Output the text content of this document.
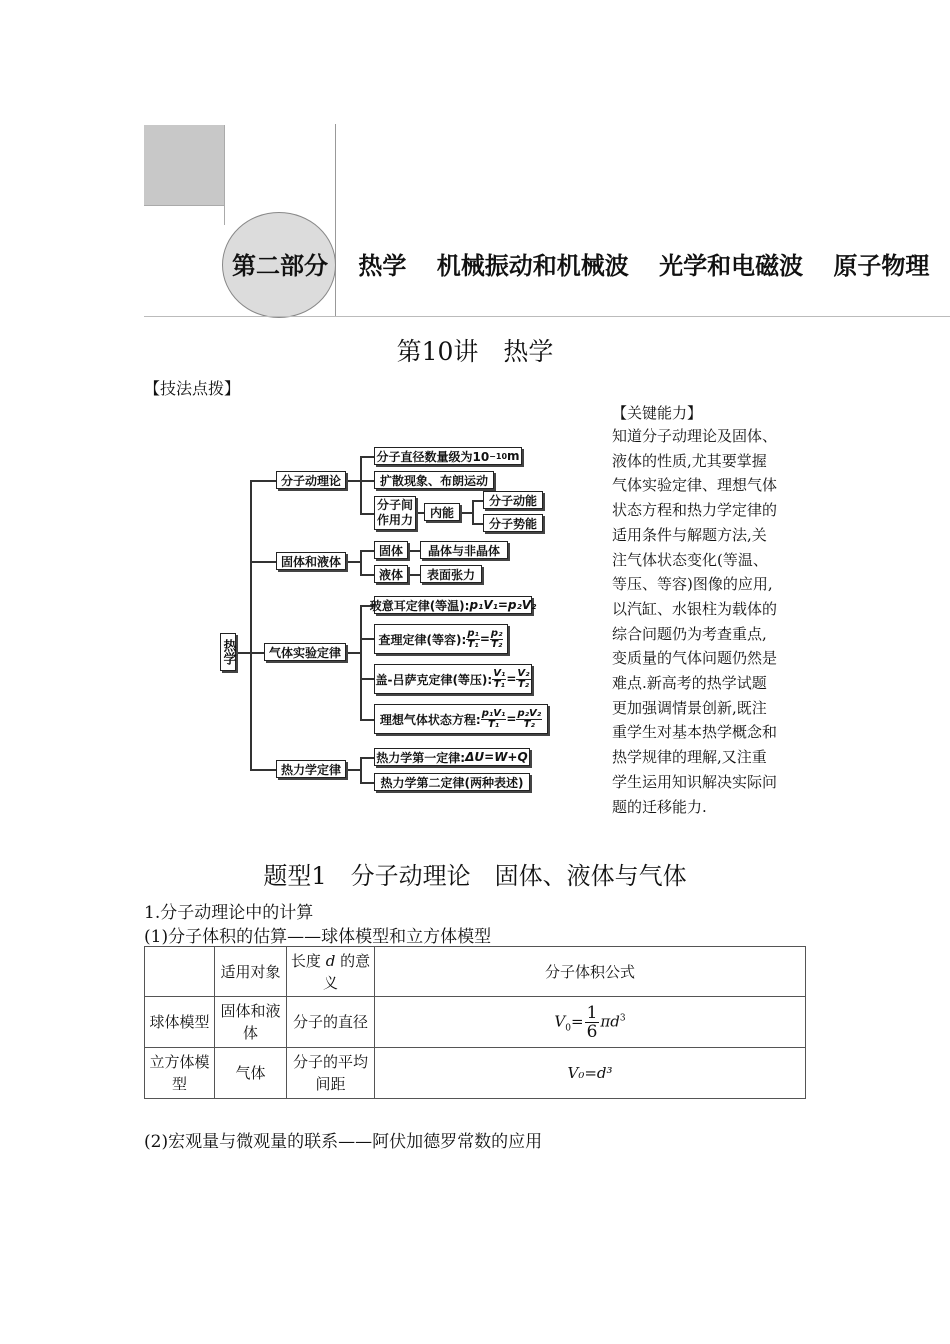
第二部分 热学 机械振动和机械波 光学和电磁波 原子物理
第10讲　热学
【技法点拨】
【关键能力】
知道分子动理论及固体、液体的性质,尤其要掌握气体实验定律、理想气体状态方程和热力学定律的适用条件与解题方法,关注气体状态变化(等温、等压、等容)图像的应用,以汽缸、水银柱为载体的综合问题仍为考查重点,变质量的气体问题仍然是难点.新高考的热学试题更加强调情景创新,既注重学生对基本热学概念和热学规律的理解,又注重学生运用知识解决实际问题的迁移能力.
热学
分子动理论
分子直径数量级为10 −10 m
扩散现象、布朗运动
分子间作用力
内能
分子动能
分子势能
固体和液体
固体	晶体与非晶体
液体	表面张力
气体实验定律
玻意耳定律(等温): p₁V₁=p₂V₂
查理定律(等容): $\frac{\text{p₁}}{\text{T₁}} = \frac{\text{p₂}}{\text{T₂}}$
盖-吕萨克定律(等压): $\frac{\text{V₁}}{\text{T₁}} = \frac{\text{V₂}}{\text{T₂}}$
理想气体状态方程: $\frac{\text{p₁V₁}}{\text{T₁}} = \frac{\text{p₂V₂}}{\text{T₂}}$
热力学定律
热力学第一定律: ΔU=W+Q
热力学第二定律(两种表述)
题型1　分子动理论　固体、液体与气体
1.分子动理论中的计算
(1)分子体积的估算——球体模型和立方体模型
	适用对象	长度 d 的意义	分子体积公式
球体模型	固体和液体	分子的直径	$V_0= \frac{1}{6} \pi d^3$
立方体模型	气体	分子的平均间距	V₀=d³
(2)宏观量与微观量的联系——阿伏加德罗常数的应用
